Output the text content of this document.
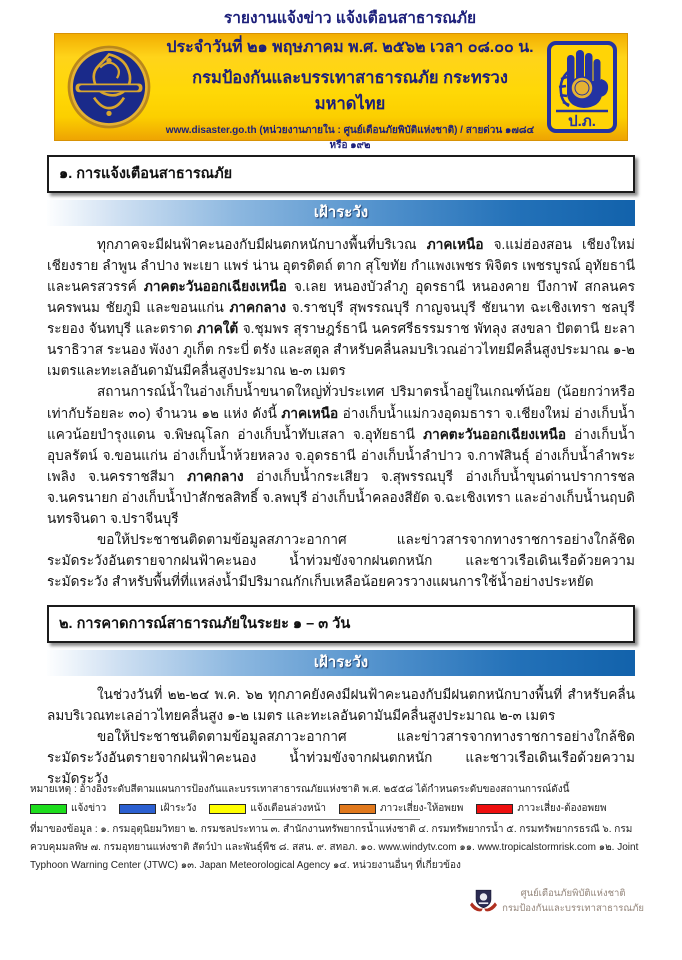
รายงานแจ้งข่าว แจ้งเตือนสาธารณภัย
ประจำวันที่ ๒๑ พฤษภาคม พ.ศ. ๒๕๖๒ เวลา ๐๘.๐๐ น.
กรมป้องกันและบรรเทาสาธารณภัย กระทรวงมหาดไทย
www.disaster.go.th (หน่วยงานภายใน : ศูนย์เตือนภัยพิบัติแห่งชาติ) / สายด่วน ๑๗๘๔ หรือ ๑๙๒
ป.ภ.
๑. การแจ้งเตือนสาธารณภัย
เฝ้าระวัง

ทุกภาคจะมีฝนฟ้าคะนองกับมีฝนตกหนักบางพื้นที่บริเวณ ภาคเหนือ จ.แม่ฮ่องสอน เชียงใหม่ เชียงราย ลำพูน ลำปาง พะเยา แพร่ น่าน อุตรดิตถ์ ตาก สุโขทัย กำแพงเพชร พิจิตร เพชรบูรณ์ อุทัยธานี และนครสวรรค์ ภาคตะวันออกเฉียงเหนือ จ.เลย หนองบัวลำภู อุดรธานี หนองคาย บึงกาฬ สกลนคร นครพนม ชัยภูมิ และขอนแก่น ภาคกลาง จ.ราชบุรี สุพรรณบุรี กาญจนบุรี ชัยนาท ฉะเชิงเทรา ชลบุรี ระยอง จันทบุรี และตราด ภาคใต้ จ.ชุมพร สุราษฎร์ธานี นครศรีธรรมราช พัทลุง สงขลา ปัตตานี ยะลา นราธิวาส ระนอง พังงา ภูเก็ต กระบี่ ตรัง และสตูล สำหรับคลื่นลมบริเวณอ่าวไทยมีคลื่นสูงประมาณ ๑-๒ เมตรและทะเลอันดามันมีคลื่นสูงประมาณ ๒-๓ เมตร

สถานการณ์น้ำในอ่างเก็บน้ำขนาดใหญ่ทั่วประเทศ ปริมาตรน้ำอยู่ในเกณฑ์น้อย (น้อยกว่าหรือเท่ากับร้อยละ ๓๐) จำนวน ๑๒ แห่ง ดังนี้ ภาคเหนือ อ่างเก็บน้ำแม่กวงอุดมธารา จ.เชียงใหม่ อ่างเก็บน้ำแควน้อยบำรุงแดน จ.พิษณุโลก อ่างเก็บน้ำทับเสลา จ.อุทัยธานี ภาคตะวันออกเฉียงเหนือ อ่างเก็บน้ำอุบลรัตน์ จ.ขอนแก่น อ่างเก็บน้ำห้วยหลวง จ.อุดรธานี อ่างเก็บน้ำลำปาว จ.กาฬสินธุ์ อ่างเก็บน้ำลำพระเพลิง จ.นครราชสีมา ภาคกลาง อ่างเก็บน้ำกระเสียว จ.สุพรรณบุรี อ่างเก็บน้ำขุนด่านปราการชล จ.นครนายก อ่างเก็บน้ำป่าสักชลสิทธิ์ จ.ลพบุรี อ่างเก็บน้ำคลองสียัด จ.ฉะเชิงเทรา และอ่างเก็บน้ำนฤบดินทรจินดา จ.ปราจีนบุรี

ขอให้ประชาชนติดตามข้อมูลสภาวะอากาศ และข่าวสารจากทางราชการอย่างใกล้ชิด ระมัดระวังอันตรายจากฝนฟ้าคะนอง น้ำท่วมขังจากฝนตกหนัก และชาวเรือเดินเรือด้วยความระมัดระวัง สำหรับพื้นที่ที่แหล่งน้ำมีปริมาณกักเก็บเหลือน้อยควรวางแผนการใช้น้ำอย่างประหยัด

๒. การคาดการณ์สาธารณภัยในระยะ ๑ – ๓ วัน
เฝ้าระวัง

ในช่วงวันที่ ๒๒-๒๔ พ.ค. ๖๒ ทุกภาคยังคงมีฝนฟ้าคะนองกับมีฝนตกหนักบางพื้นที่ สำหรับคลื่นลมบริเวณทะเลอ่าวไทยคลื่นสูง ๑-๒ เมตร และทะเลอันดามันมีคลื่นสูงประมาณ ๒-๓ เมตร

ขอให้ประชาชนติดตามข้อมูลสภาวะอากาศ และข่าวสารจากทางราชการอย่างใกล้ชิด ระมัดระวังอันตรายจากฝนฟ้าคะนอง น้ำท่วมขังจากฝนตกหนัก และชาวเรือเดินเรือด้วยความระมัดระวัง

หมายเหตุ : อ้างอิงระดับสีตามแผนการป้องกันและบรรเทาสาธารณภัยแห่งชาติ พ.ศ. ๒๕๕๘ ได้กำหนดระดับของสถานการณ์ดังนี้
แจ้งข่าว	เฝ้าระวัง	แจ้งเตือนล่วงหน้า	ภาวะเสี่ยง-ให้อพยพ	ภาวะเสี่ยง-ต้องอพยพ
ที่มาของข้อมูล : ๑. กรมอุตุนิยมวิทยา ๒. กรมชลประทาน ๓. สำนักงานทรัพยากรน้ำแห่งชาติ ๔. กรมทรัพยากรน้ำ ๕. กรมทรัพยากรธรณี ๖. กรมควบคุมมลพิษ ๗. กรมอุทยานแห่งชาติ สัตว์ป่า และพันธุ์พืช ๘. สสน. ๙. สทอภ. ๑๐. www.windytv.com ๑๑. www.tropicalstormrisk.com ๑๒. Joint Typhoon Warning Center (JTWC) ๑๓. Japan Meteorological Agency ๑๔. หน่วยงานอื่นๆ ที่เกี่ยวข้อง
ศูนย์เตือนภัยพิบัติแห่งชาติ
กรมป้องกันและบรรเทาสาธารณภัย
